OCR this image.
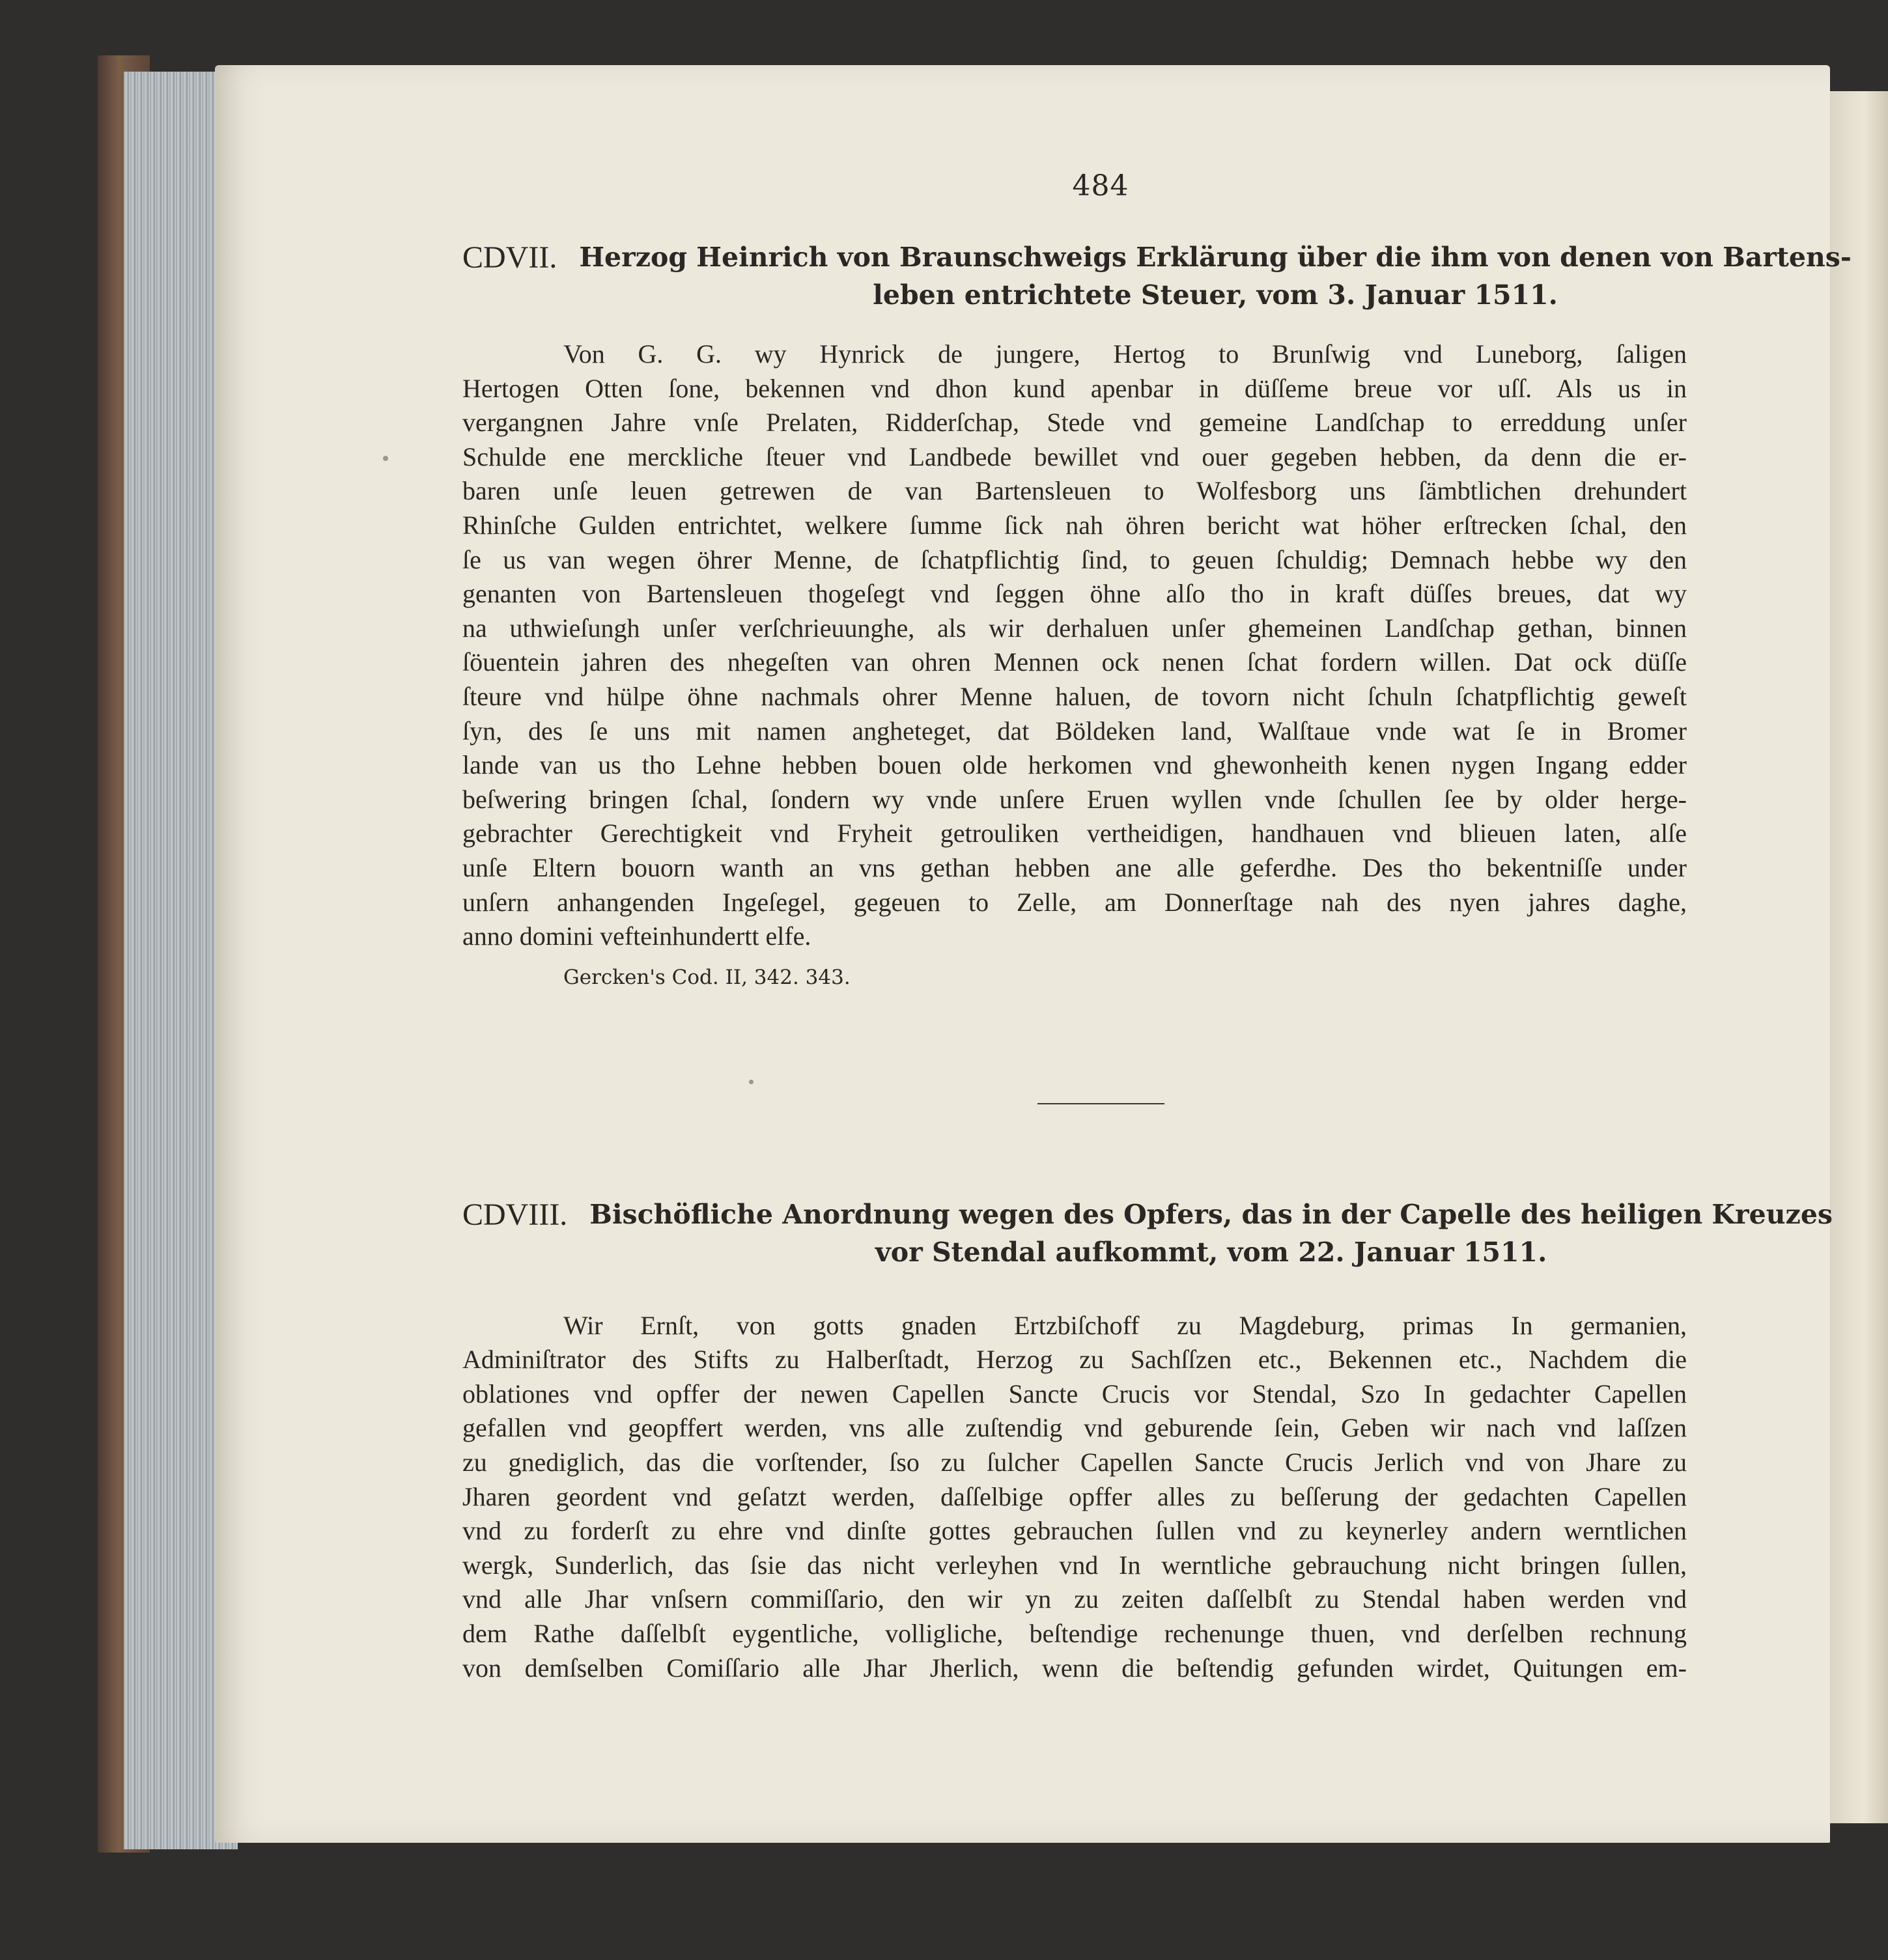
484
CDVII. Herzog Heinrich von Braunschweigs Erklärung über die ihm von denen von Bartens-
leben entrichtete Steuer, vom 3. Januar 1511.

Von G. G. wy Hynrick de jungere, Hertog to Brunſwig vnd Luneborg, ſaligen
Hertogen Otten ſone, bekennen vnd dhon kund apenbar in düſſeme breue vor uſſ. Als us in
vergangnen Jahre vnſe Prelaten, Ridderſchap, Stede vnd gemeine Landſchap to erreddung unſer
Schulde ene merckliche ſteuer vnd Landbede bewillet vnd ouer gegeben hebben, da denn die er-
baren unſe leuen getrewen de van Bartensleuen to Wolfesborg uns ſämbtlichen drehundert
Rhinſche Gulden entrichtet, welkere ſumme ſick nah öhren bericht wat höher erſtrecken ſchal, den
ſe us van wegen öhrer Menne, de ſchatpflichtig ſind, to geuen ſchuldig; Demnach hebbe wy den
genanten von Bartensleuen thogeſegt vnd ſeggen öhne alſo tho in kraft düſſes breues, dat wy
na uthwieſungh unſer verſchrieuunghe, als wir derhaluen unſer ghemeinen Landſchap gethan, binnen
ſöuentein jahren des nhegeſten van ohren Mennen ock nenen ſchat fordern willen. Dat ock düſſe
ſteure vnd hülpe öhne nachmals ohrer Menne haluen, de tovorn nicht ſchuln ſchatpflichtig geweſt
ſyn, des ſe uns mit namen angheteget, dat Böldeken land, Walſtaue vnde wat ſe in Bromer
lande van us tho Lehne hebben bouen olde herkomen vnd ghewonheith kenen nygen Ingang edder
beſwering bringen ſchal, ſondern wy vnde unſere Eruen wyllen vnde ſchullen ſee by older herge-
gebrachter Gerechtigkeit vnd Fryheit getrouliken vertheidigen, handhauen vnd blieuen laten, alſe
unſe Eltern bouorn wanth an vns gethan hebben ane alle geferdhe. Des tho bekentniſſe under
unſern anhangenden Ingeſegel, gegeuen to Zelle, am Donnerſtage nah des nyen jahres daghe,
anno domini vefteinhundertt elfe.

Gercken's Cod. II, 342. 343.
CDVIII. Bischöfliche Anordnung wegen des Opfers, das in der Capelle des heiligen Kreuzes
vor Stendal aufkommt, vom 22. Januar 1511.

Wir Ernſt, von gotts gnaden Ertzbiſchoff zu Magdeburg, primas In germanien,
Adminiſtrator des Stifts zu Halberſtadt, Herzog zu Sachſſzen etc., Bekennen etc., Nachdem die
oblationes vnd opffer der newen Capellen Sancte Crucis vor Stendal, Szo In gedachter Capellen
gefallen vnd geopffert werden, vns alle zuſtendig vnd geburende ſein, Geben wir nach vnd laſſzen
zu gnediglich, das die vorſtender, ſso zu ſulcher Capellen Sancte Crucis Jerlich vnd von Jhare zu
Jharen geordent vnd geſatzt werden, daſſelbige opffer alles zu beſſerung der gedachten Capellen
vnd zu forderſt zu ehre vnd dinſte gottes gebrauchen ſullen vnd zu keynerley andern werntlichen
wergk, Sunderlich, das ſsie das nicht verleyhen vnd In werntliche gebrauchung nicht bringen ſullen,
vnd alle Jhar vnſsern commiſſario, den wir yn zu zeiten daſſelbſt zu Stendal haben werden vnd
dem Rathe daſſelbſt eygentliche, volligliche, beſtendige rechenunge thuen, vnd derſelben rechnung
von demſselben Comiſſario alle Jhar Jherlich, wenn die beſtendig gefunden wirdet, Quitungen em-
